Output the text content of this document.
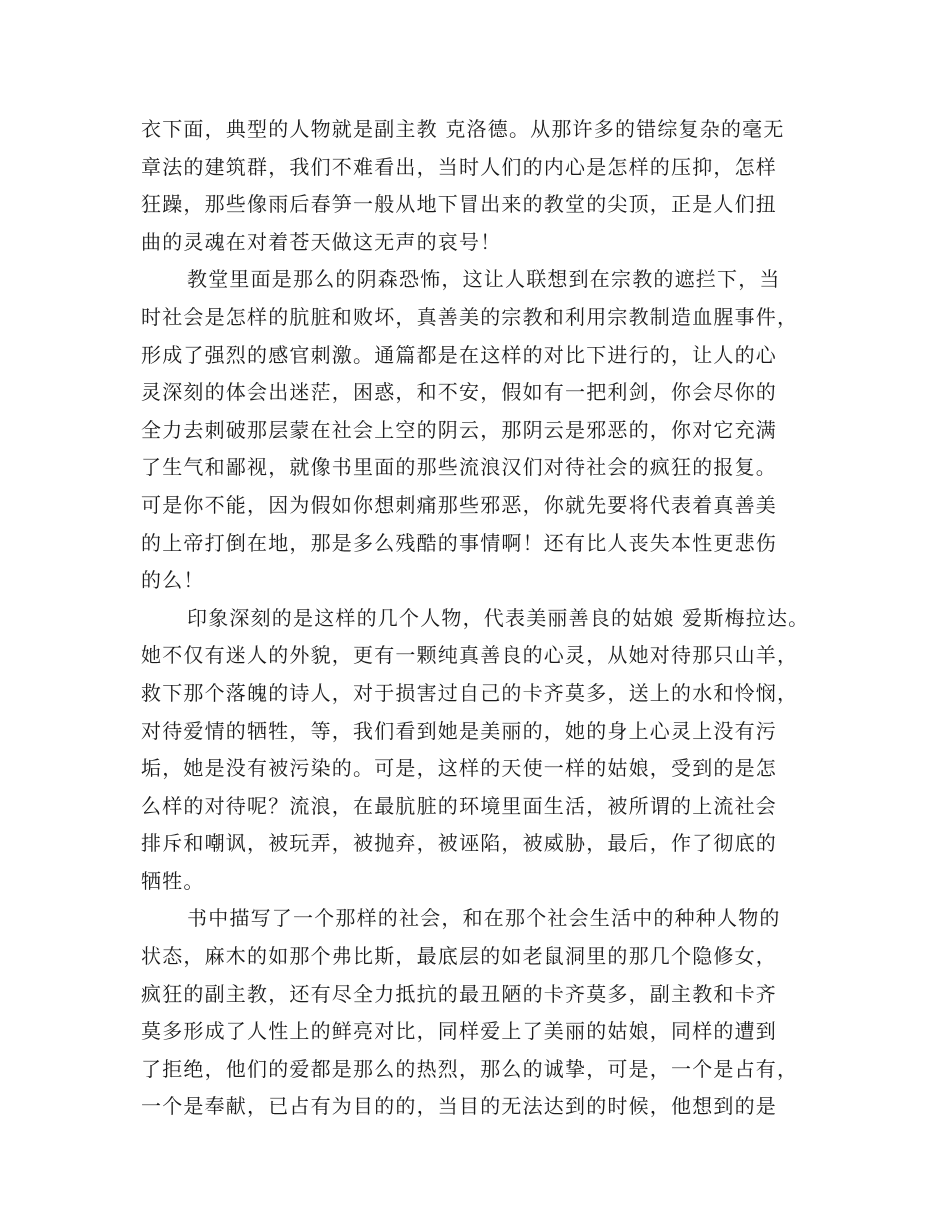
衣下面，典型的人物就是副主教 克洛德。从那许多的错综复杂的毫无
章法的建筑群，我们不难看出，当时人们的内心是怎样的压抑，怎样
狂躁，那些像雨后春笋一般从地下冒出来的教堂的尖顶，正是人们扭
曲的灵魂在对着苍天做这无声的哀号！
教堂里面是那么的阴森恐怖，这让人联想到在宗教的遮拦下，当
时社会是怎样的肮脏和败坏，真善美的宗教和利用宗教制造血腥事件，
形成了强烈的感官刺激。通篇都是在这样的对比下进行的，让人的心
灵深刻的体会出迷茫，困惑，和不安，假如有一把利剑，你会尽你的
全力去刺破那层蒙在社会上空的阴云，那阴云是邪恶的，你对它充满
了生气和鄙视，就像书里面的那些流浪汉们对待社会的疯狂的报复。
可是你不能，因为假如你想刺痛那些邪恶，你就先要将代表着真善美
的上帝打倒在地，那是多么残酷的事情啊！还有比人丧失本性更悲伤
的么！
印象深刻的是这样的几个人物，代表美丽善良的姑娘 爱斯梅拉达。
她不仅有迷人的外貌，更有一颗纯真善良的心灵，从她对待那只山羊，
救下那个落魄的诗人，对于损害过自己的卡齐莫多，送上的水和怜悯，
对待爱情的牺牲，等，我们看到她是美丽的，她的身上心灵上没有污
垢，她是没有被污染的。可是，这样的天使一样的姑娘，受到的是怎
么样的对待呢？流浪，在最肮脏的环境里面生活，被所谓的上流社会
排斥和嘲讽，被玩弄，被抛弃，被诬陷，被威胁，最后，作了彻底的
牺牲。
书中描写了一个那样的社会，和在那个社会生活中的种种人物的
状态，麻木的如那个弗比斯，最底层的如老鼠洞里的那几个隐修女，
疯狂的副主教，还有尽全力抵抗的最丑陋的卡齐莫多，副主教和卡齐
莫多形成了人性上的鲜亮对比，同样爱上了美丽的姑娘，同样的遭到
了拒绝，他们的爱都是那么的热烈，那么的诚挚，可是，一个是占有，
一个是奉献，已占有为目的的，当目的无法达到的时候，他想到的是
